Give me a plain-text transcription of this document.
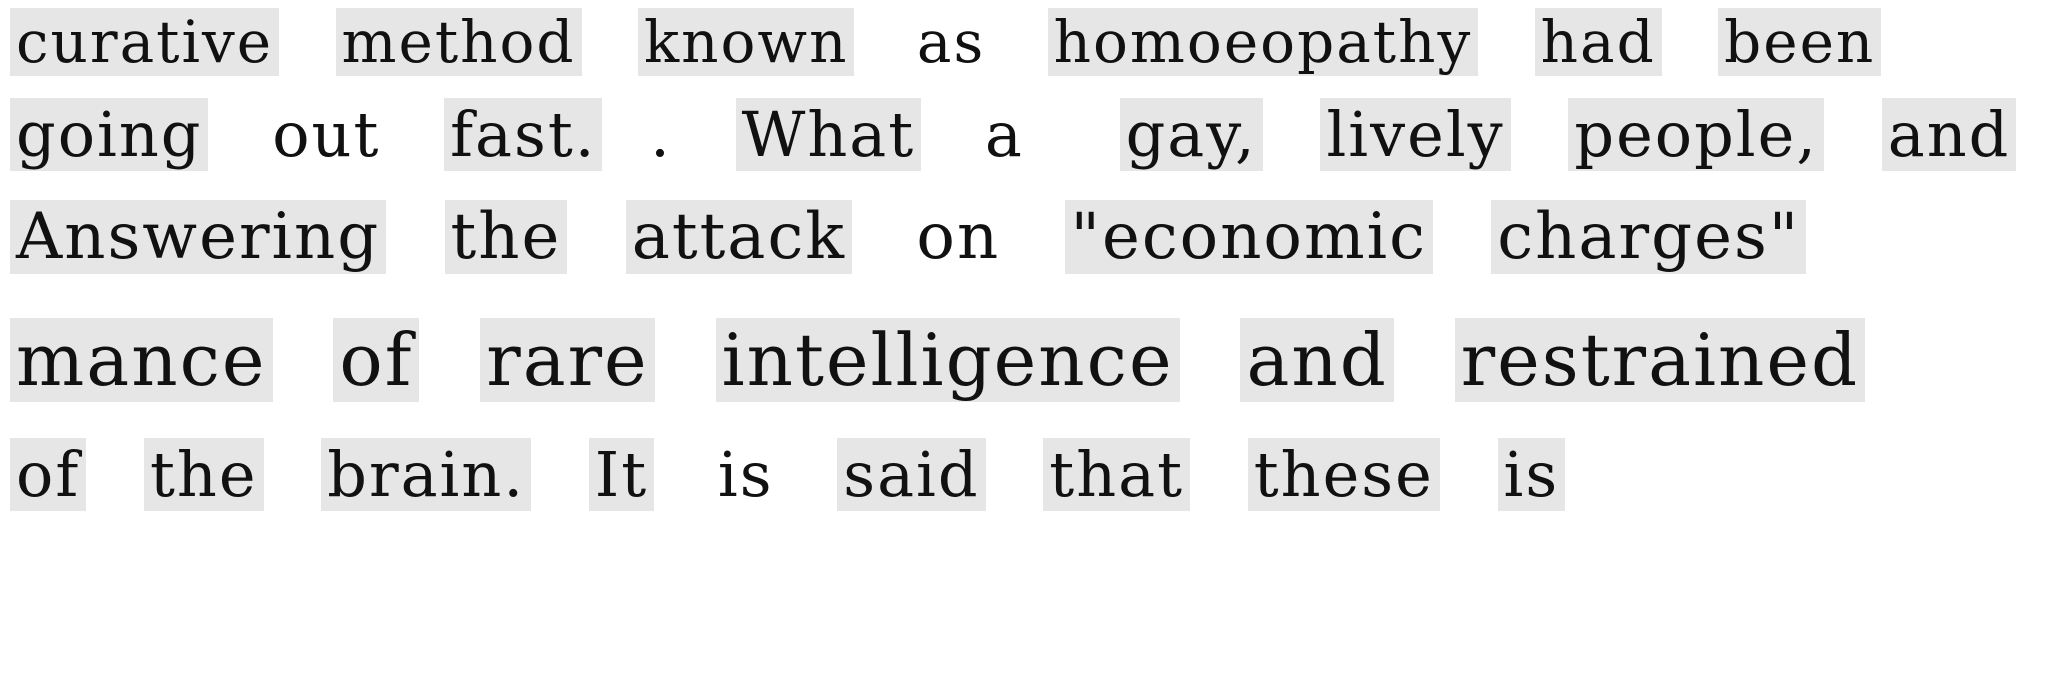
curative method known as homoeopathy had been
going out fast. . What a gay, lively people, and
Answering the attack on "economic charges"
mance of rare intelligence and restrained
of the brain. It is said that these is
